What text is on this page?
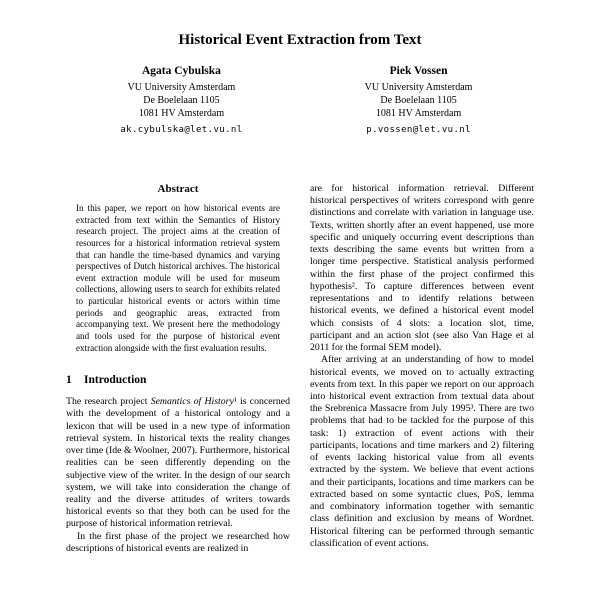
Historical Event Extraction from Text
Agata Cybulska
VU University Amsterdam
De Boelelaan 1105
1081 HV Amsterdam
ak.cybulska@let.vu.nl
Piek Vossen
VU University Amsterdam
De Boelelaan 1105
1081 HV Amsterdam
p.vossen@let.vu.nl
Abstract

In this paper, we report on how historical events are extracted from text within the Semantics of History research project. The project aims at the creation of resources for a historical information retrieval system that can handle the time-based dynamics and varying perspectives of Dutch historical archives. The historical event extraction module will be used for museum collections, allowing users to search for exhibits related to particular historical events or actors within time periods and geographic areas, extracted from accompanying text. We present here the methodology and tools used for the purpose of historical event extraction alongside with the first evaluation results.

1 Introduction

The research project Semantics of History¹ is concerned with the development of a historical ontology and a lexicon that will be used in a new type of information retrieval system. In historical texts the reality changes over time (Ide & Woolner, 2007). Furthermore, historical realities can be seen differently depending on the subjective view of the writer. In the design of our search system, we will take into consideration the change of reality and the diverse attitudes of writers towards historical events so that they both can be used for the purpose of historical information retrieval.

In the first phase of the project we researched how descriptions of historical events are realized in

are for historical information retrieval. Different historical perspectives of writers correspond with genre distinctions and correlate with variation in language use. Texts, written shortly after an event happened, use more specific and uniquely occurring event descriptions than texts describing the same events but written from a longer time perspective. Statistical analysis performed within the first phase of the project confirmed this hypothesis². To capture differences between event representations and to identify relations between historical events, we defined a historical event model which consists of 4 slots: a location slot, time, participant and an action slot (see also Van Hage et al 2011 for the formal SEM model).

After arriving at an understanding of how to model historical events, we moved on to actually extracting events from text. In this paper we report on our approach into historical event extraction from textual data about the Srebrenica Massacre from July 1995³. There are two problems that had to be tackled for the purpose of this task: 1) extraction of event actions with their participants, locations and time markers and 2) filtering of events lacking historical value from all events extracted by the system. We believe that event actions and their participants, locations and time markers can be extracted based on some syntactic clues, PoS, lemma and combinatory information together with semantic class definition and exclusion by means of Wordnet. Historical filtering can be performed through semantic classification of event actions.
